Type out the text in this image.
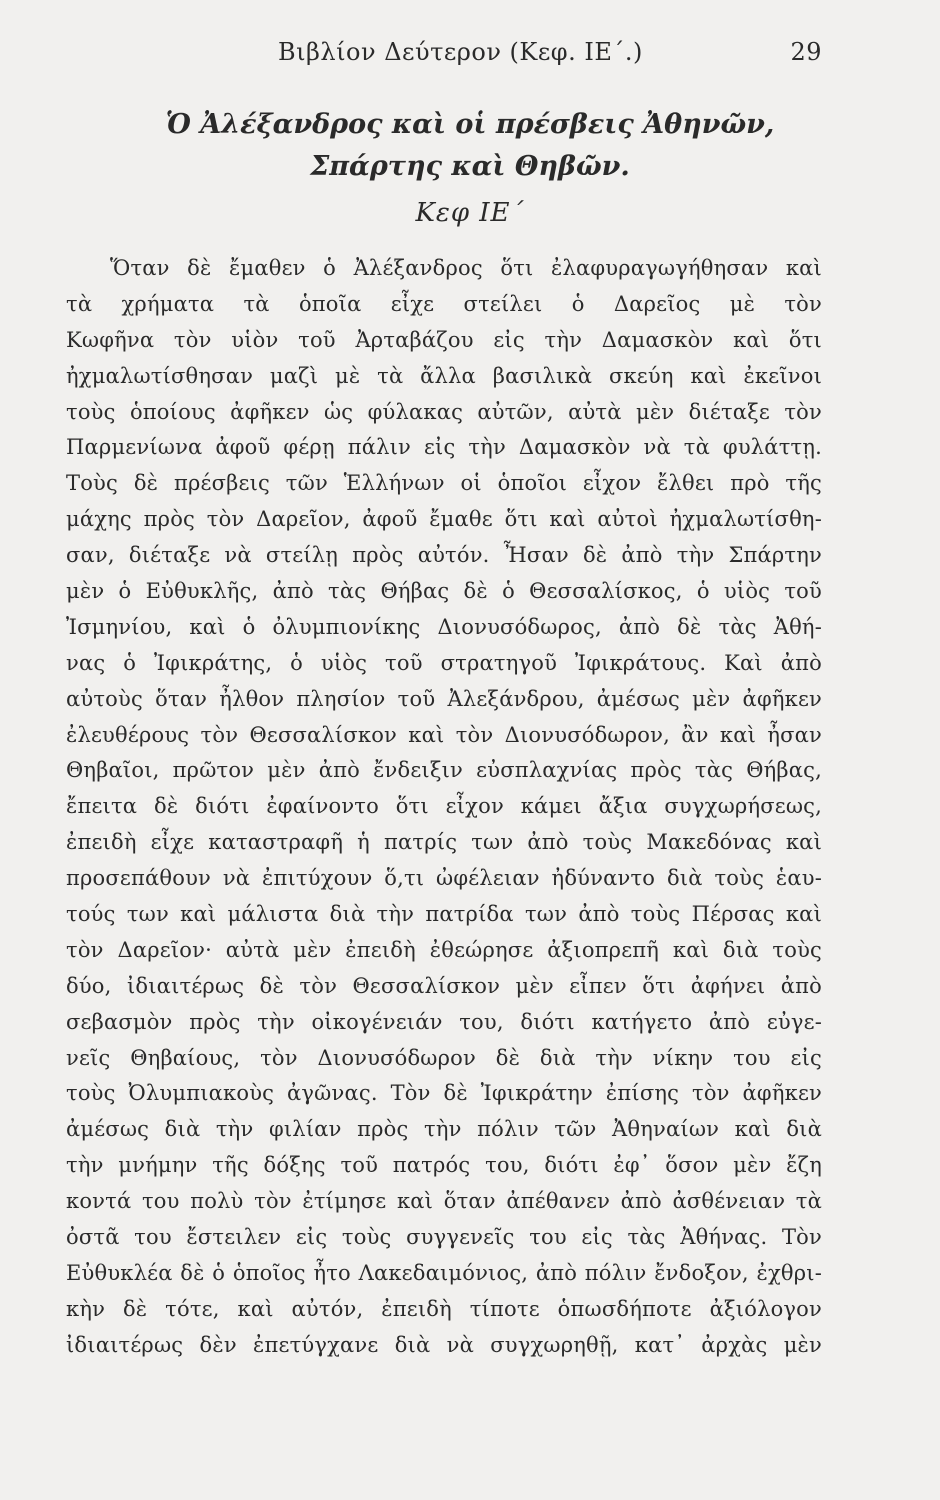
Βιβλίον Δεύτερον (Κεφ. ΙΕ΄.)	29
Ὁ Ἀλέξανδρος καὶ οἱ πρέσβεις Ἀθηνῶν,
Σπάρτης καὶ Θηβῶν.
Κεφ ΙΕ΄
Ὅταν δὲ ἔμαθεν ὁ Ἀλέξανδρος ὅτι ἐλαφυραγωγήθησαν καὶ
τὰ χρήματα τὰ ὁποῖα εἶχε στείλει ὁ Δαρεῖος μὲ τὸν
Κωφῆνα τὸν υἱὸν τοῦ Ἀρταβάζου εἰς τὴν Δαμασκὸν καὶ ὅτι
ἠχμαλωτίσθησαν μαζὶ μὲ τὰ ἄλλα βασιλικὰ σκεύη καὶ ἐκεῖνοι
τοὺς ὁποίους ἀφῆκεν ὡς φύλακας αὐτῶν, αὐτὰ μὲν διέταξε τὸν
Παρμενίωνα ἀφοῦ φέρῃ πάλιν εἰς τὴν Δαμασκὸν νὰ τὰ φυλάττῃ.
Τοὺς δὲ πρέσβεις τῶν Ἑλλήνων οἱ ὁποῖοι εἶχον ἔλθει πρὸ τῆς
μάχης πρὸς τὸν Δαρεῖον, ἀφοῦ ἔμαθε ὅτι καὶ αὐτοὶ ἠχμαλωτίσθη-
σαν, διέταξε νὰ στείλῃ πρὸς αὐτόν. Ἦσαν δὲ ἀπὸ τὴν Σπάρτην
μὲν ὁ Εὐθυκλῆς, ἀπὸ τὰς Θήβας δὲ ὁ Θεσσαλίσκος, ὁ υἱὸς τοῦ
Ἰσμηνίου, καὶ ὁ ὀλυμπιονίκης Διονυσόδωρος, ἀπὸ δὲ τὰς Ἀθή-
νας ὁ Ἰφικράτης, ὁ υἱὸς τοῦ στρατηγοῦ Ἰφικράτους. Καὶ ἀπὸ
αὐτοὺς ὅταν ἦλθον πλησίον τοῦ Ἀλεξάνδρου, ἀμέσως μὲν ἀφῆκεν
ἐλευθέρους τὸν Θεσσαλίσκον καὶ τὸν Διονυσόδωρον, ἂν καὶ ἦσαν
Θηβαῖοι, πρῶτον μὲν ἀπὸ ἔνδειξιν εὐσπλαχνίας πρὸς τὰς Θήβας,
ἔπειτα δὲ διότι ἐφαίνοντο ὅτι εἶχον κάμει ἄξια συγχωρήσεως,
ἐπειδὴ εἶχε καταστραφῆ ἡ πατρίς των ἀπὸ τοὺς Μακεδόνας καὶ
προσεπάθουν νὰ ἐπιτύχουν ὅ,τι ὠφέλειαν ἠδύναντο διὰ τοὺς ἑαυ-
τούς των καὶ μάλιστα διὰ τὴν πατρίδα των ἀπὸ τοὺς Πέρσας καὶ
τὸν Δαρεῖον· αὐτὰ μὲν ἐπειδὴ ἐθεώρησε ἀξιοπρεπῆ καὶ διὰ τοὺς
δύο, ἰδιαιτέρως δὲ τὸν Θεσσαλίσκον μὲν εἶπεν ὅτι ἀφήνει ἀπὸ
σεβασμὸν πρὸς τὴν οἰκογένειάν του, διότι κατήγετο ἀπὸ εὐγε-
νεῖς Θηβαίους, τὸν Διονυσόδωρον δὲ διὰ τὴν νίκην του εἰς
τοὺς Ὀλυμπιακοὺς ἀγῶνας. Τὸν δὲ Ἰφικράτην ἐπίσης τὸν ἀφῆκεν
ἀμέσως διὰ τὴν φιλίαν πρὸς τὴν πόλιν τῶν Ἀθηναίων καὶ διὰ
τὴν μνήμην τῆς δόξης τοῦ πατρός του, διότι ἐφ᾽ ὅσον μὲν ἔζη
κοντά του πολὺ τὸν ἐτίμησε καὶ ὅταν ἀπέθανεν ἀπὸ ἀσθένειαν τὰ
ὀστᾶ του ἔστειλεν εἰς τοὺς συγγενεῖς του εἰς τὰς Ἀθήνας. Τὸν
Εὐθυκλέα δὲ ὁ ὁποῖος ἦτο Λακεδαιμόνιος, ἀπὸ πόλιν ἔνδοξον, ἐχθρι-
κὴν δὲ τότε, καὶ αὐτόν, ἐπειδὴ τίποτε ὁπωσδήποτε ἀξιόλογον
ἰδιαιτέρως δὲν ἐπετύγχανε διὰ νὰ συγχωρηθῇ, κατ᾽ ἀρχὰς μὲν
